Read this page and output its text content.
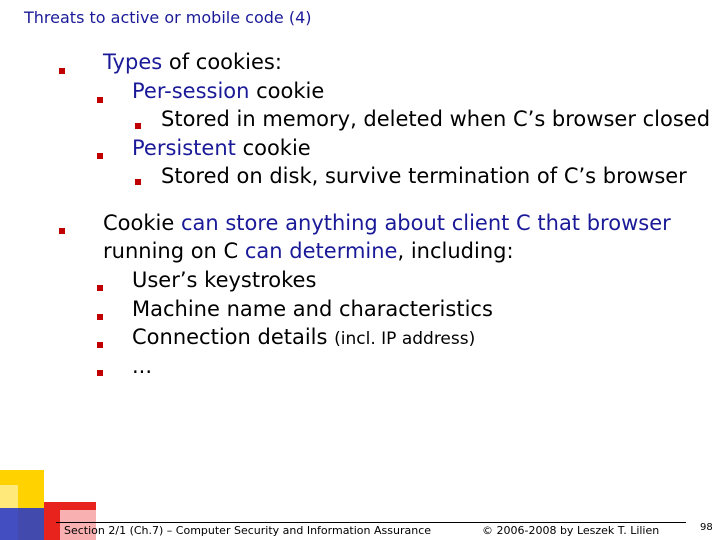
Threats to active or mobile code (4)
Types of cookies:
Per-session cookie
Stored in memory, deleted when C’s browser closed
Persistent cookie
Stored on disk, survive termination of C’s browser
Cookie can store anything about client C that browser
running on C can determine, including:
User’s keystrokes
Machine name and characteristics
Connection details (incl. IP address)
...
Section 2/1 (Ch.7) – Computer Security and Information Assurance	© 2006-2008 by Leszek T. Lilien	98
